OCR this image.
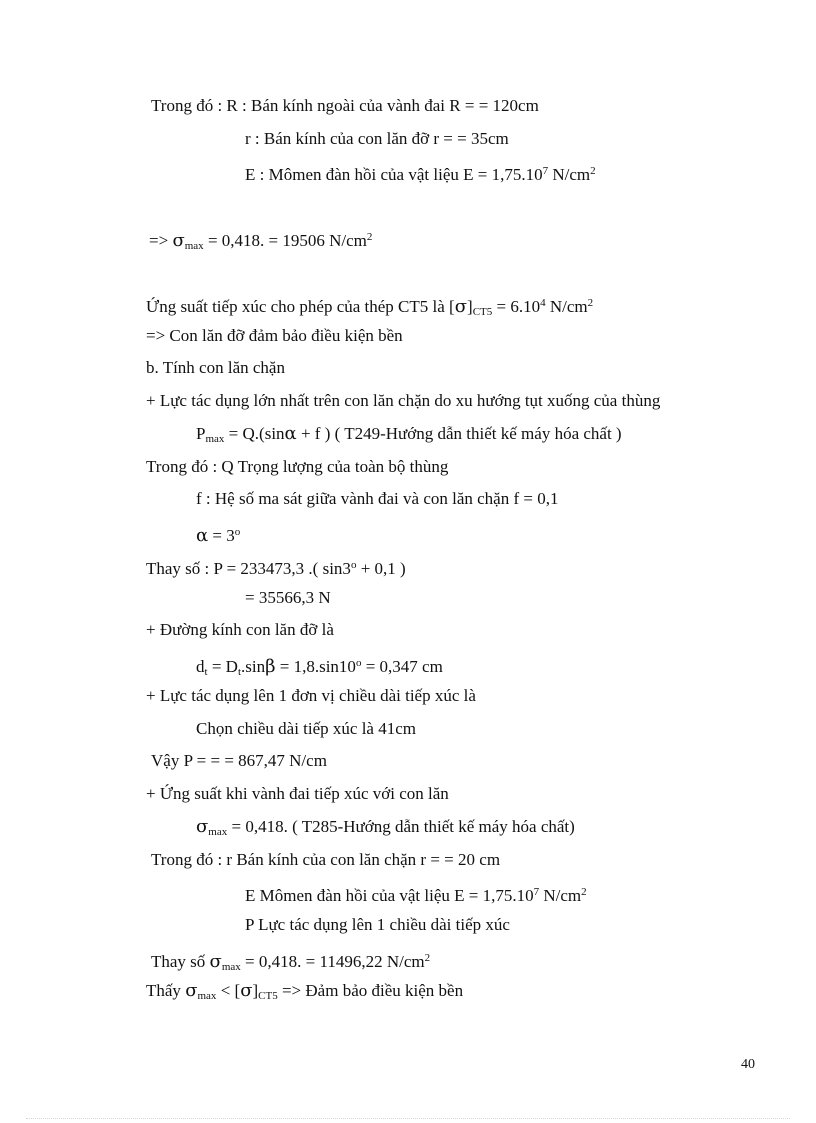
Trong đó : R : Bán kính ngoài của vành đai R = = 120cm
r : Bán kính của con lăn đỡ r = = 35cm
E : Mômen đàn hồi của vật liệu $E = 1,75.10^7$ $N/cm^2$
=> $\sigma_{max} = 0,418$. = 19506 $N/cm^2$
Ứng suất tiếp xúc cho phép của thép CT5 là $[\sigma]_{CT5} = 6.10^4$ $N/cm^2$
=> Con lăn đỡ đảm bảo điều kiện bền
b. Tính con lăn chặn
+ Lực tác dụng lớn nhất trên con lăn chặn do xu hướng tụt xuống của thùng
$P_{max} = Q.(\sin\alpha + f$ ) ( T249-Hướng dẫn thiết kế máy hóa chất )
Trong đó : Q Trọng lượng của toàn bộ thùng
f : Hệ số ma sát giữa vành đai và con lăn chặn f = 0,1
$\alpha = 3^o$
Thay số : P = 233473,3 .( $\sin 3^o + 0,1$ )
= 35566,3 N
+ Đường kính con lăn đỡ là
$d_t = D_t.\sin\beta = 1,8.\sin 10^o = 0,347$ cm
+ Lực tác dụng lên 1 đơn vị chiều dài tiếp xúc là
Chọn chiều dài tiếp xúc là 41cm
Vậy P = = = 867,47 N/cm
+ Ứng suất khi vành đai tiếp xúc với con lăn
$\sigma_{max} = 0,418$. ( T285-Hướng dẫn thiết kế máy hóa chất)
Trong đó : r Bán kính của con lăn chặn r = = 20 cm
E Mômen đàn hồi của vật liệu $E = 1,75.10^7$ $N/cm^2$
P Lực tác dụng lên 1 chiều dài tiếp xúc
Thay số $\sigma_{max} = 0,418$. = 11496,22 $N/cm^2$
Thấy $\sigma_{max} < [\sigma]_{CT5}$ => Đảm bảo điều kiện bền
40
